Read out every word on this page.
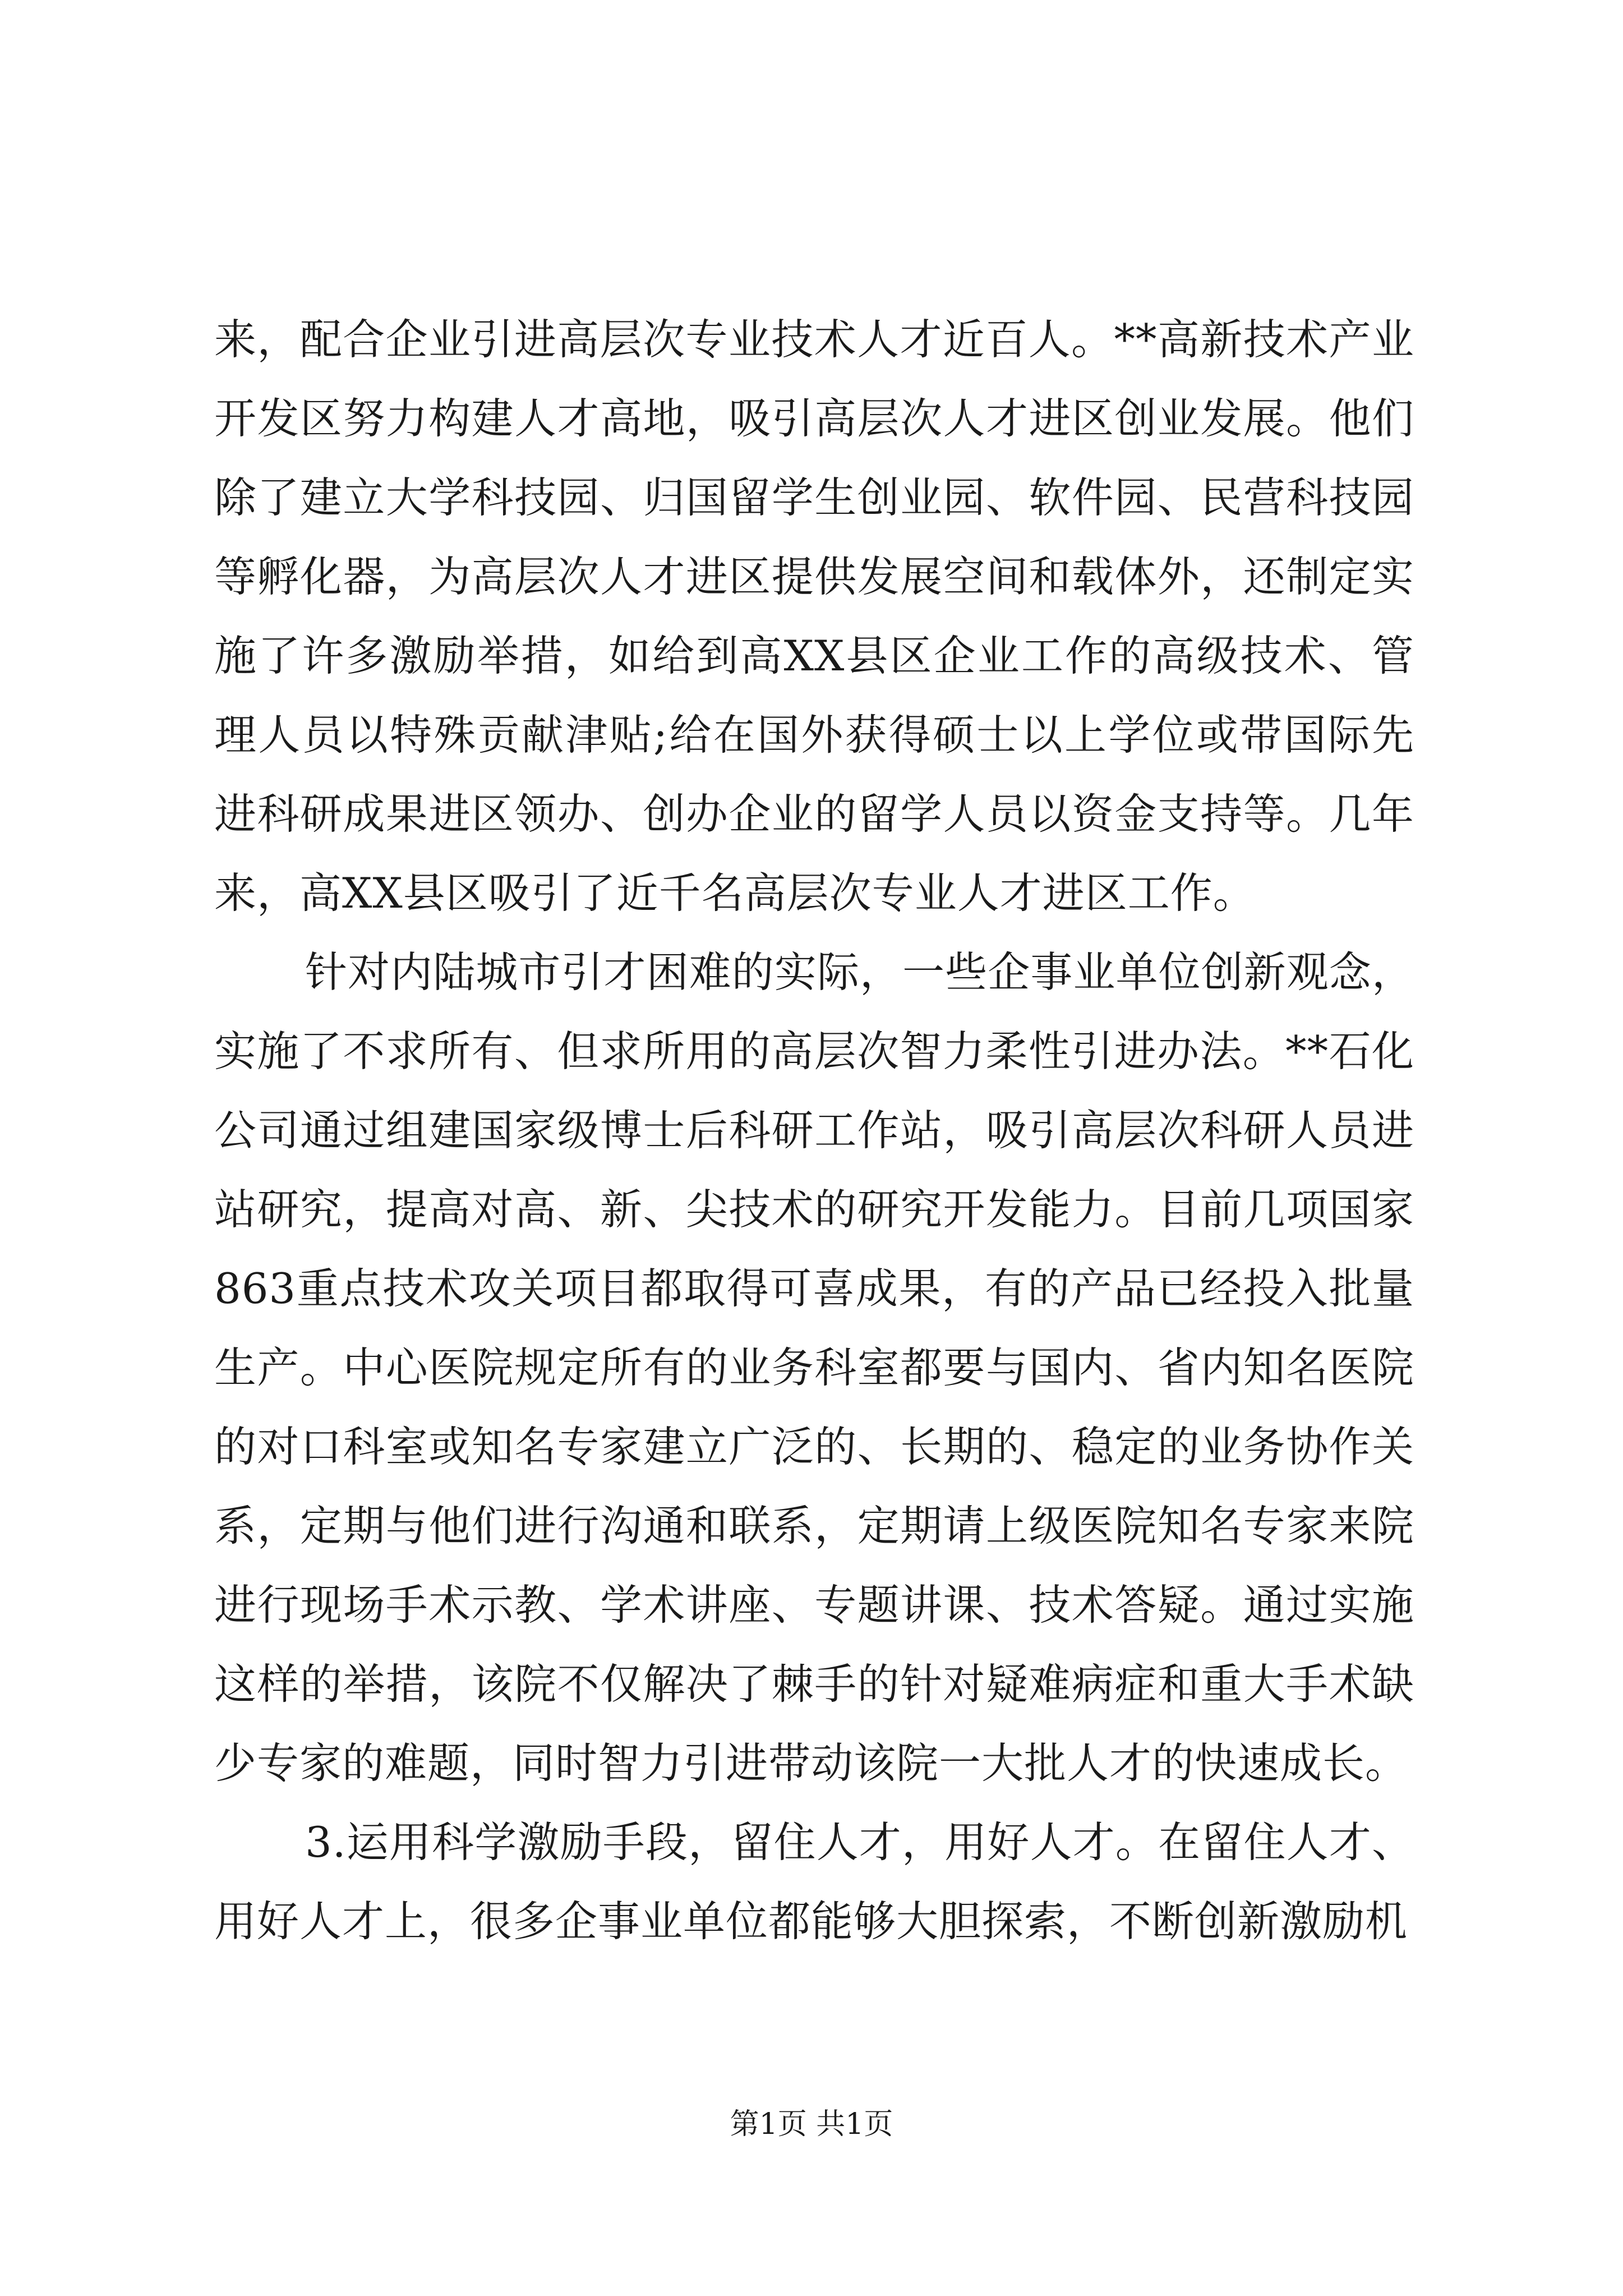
来，配合企业引进高层次专业技术人才近百人。**高新技术产业开发区努力构建人才高地，吸引高层次人才进区创业发展。他们除了建立大学科技园、归国留学生创业园、软件园、民营科技园等孵化器，为高层次人才进区提供发展空间和载体外，还制定实施了许多激励举措，如给到高XX县区企业工作的高级技术、管理人员以特殊贡献津贴;给在国外获得硕士以上学位或带国际先进科研成果进区领办、创办企业的留学人员以资金支持等。几年来，高XX县区吸引了近千名高层次专业人才进区工作。

针对内陆城市引才困难的实际，一些企事业单位创新观念，实施了不求所有、但求所用的高层次智力柔性引进办法。**石化公司通过组建国家级博士后科研工作站，吸引高层次科研人员进站研究，提高对高、新、尖技术的研究开发能力。目前几项国家863重点技术攻关项目都取得可喜成果，有的产品已经投入批量生产。中心医院规定所有的业务科室都要与国内、省内知名医院的对口科室或知名专家建立广泛的、长期的、稳定的业务协作关系，定期与他们进行沟通和联系，定期请上级医院知名专家来院进行现场手术示教、学术讲座、专题讲课、技术答疑。通过实施这样的举措，该院不仅解决了棘手的针对疑难病症和重大手术缺少专家的难题，同时智力引进带动该院一大批人才的快速成长。

3.运用科学激励手段，留住人才，用好人才。在留住人才、用好人才上，很多企事业单位都能够大胆探索，不断创新激励机

第1页 共1页
